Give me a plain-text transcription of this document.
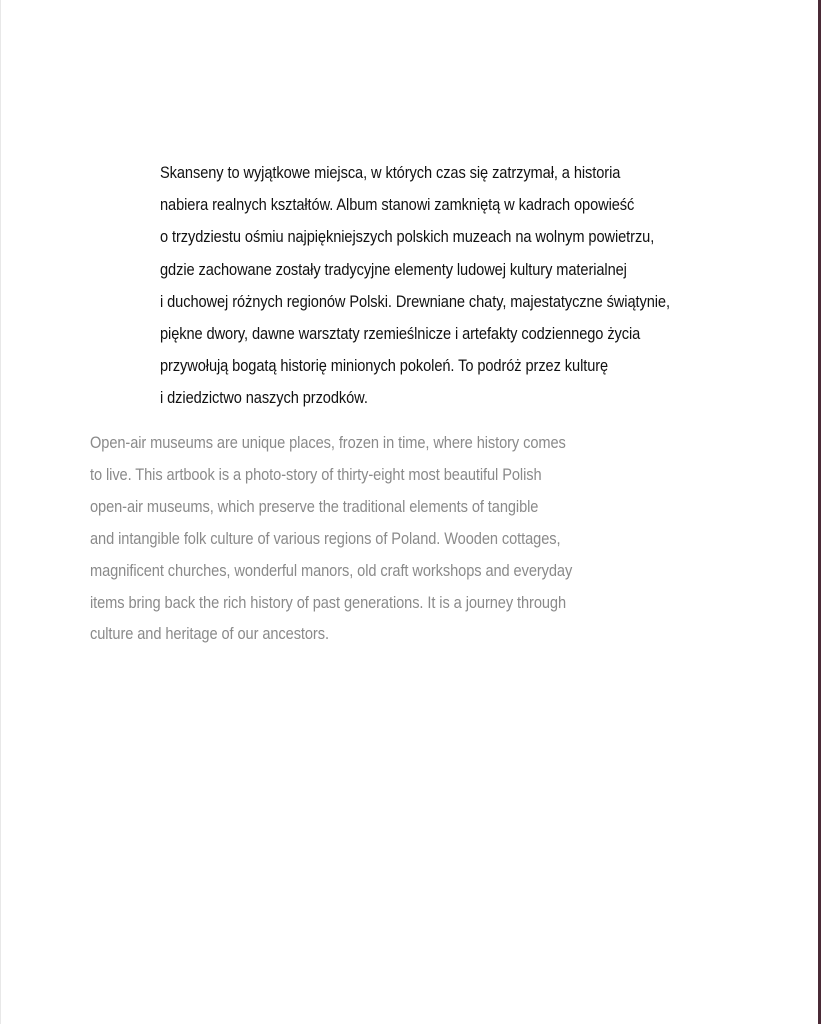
Skanseny to wyjątkowe miejsca, w których czas się zatrzymał, a historia
nabiera realnych kształtów. Album stanowi zamkniętą w kadrach opowieść
o trzydziestu ośmiu najpiękniejszych polskich muzeach na wolnym powietrzu,
gdzie zachowane zostały tradycyjne elementy ludowej kultury materialnej
i duchowej różnych regionów Polski. Drewniane chaty, majestatyczne świątynie,
piękne dwory, dawne warsztaty rzemieślnicze i artefakty codziennego życia
przywołują bogatą historię minionych pokoleń. To podróż przez kulturę
i dziedzictwo naszych przodków.
Open-air museums are unique places, frozen in time, where history comes
to live. This artbook is a photo-story of thirty-eight most beautiful Polish
open-air museums, which preserve the traditional elements of tangible
and intangible folk culture of various regions of Poland. Wooden cottages,
magnificent churches, wonderful manors, old craft workshops and everyday
items bring back the rich history of past generations. It is a journey through
culture and heritage of our ancestors.
